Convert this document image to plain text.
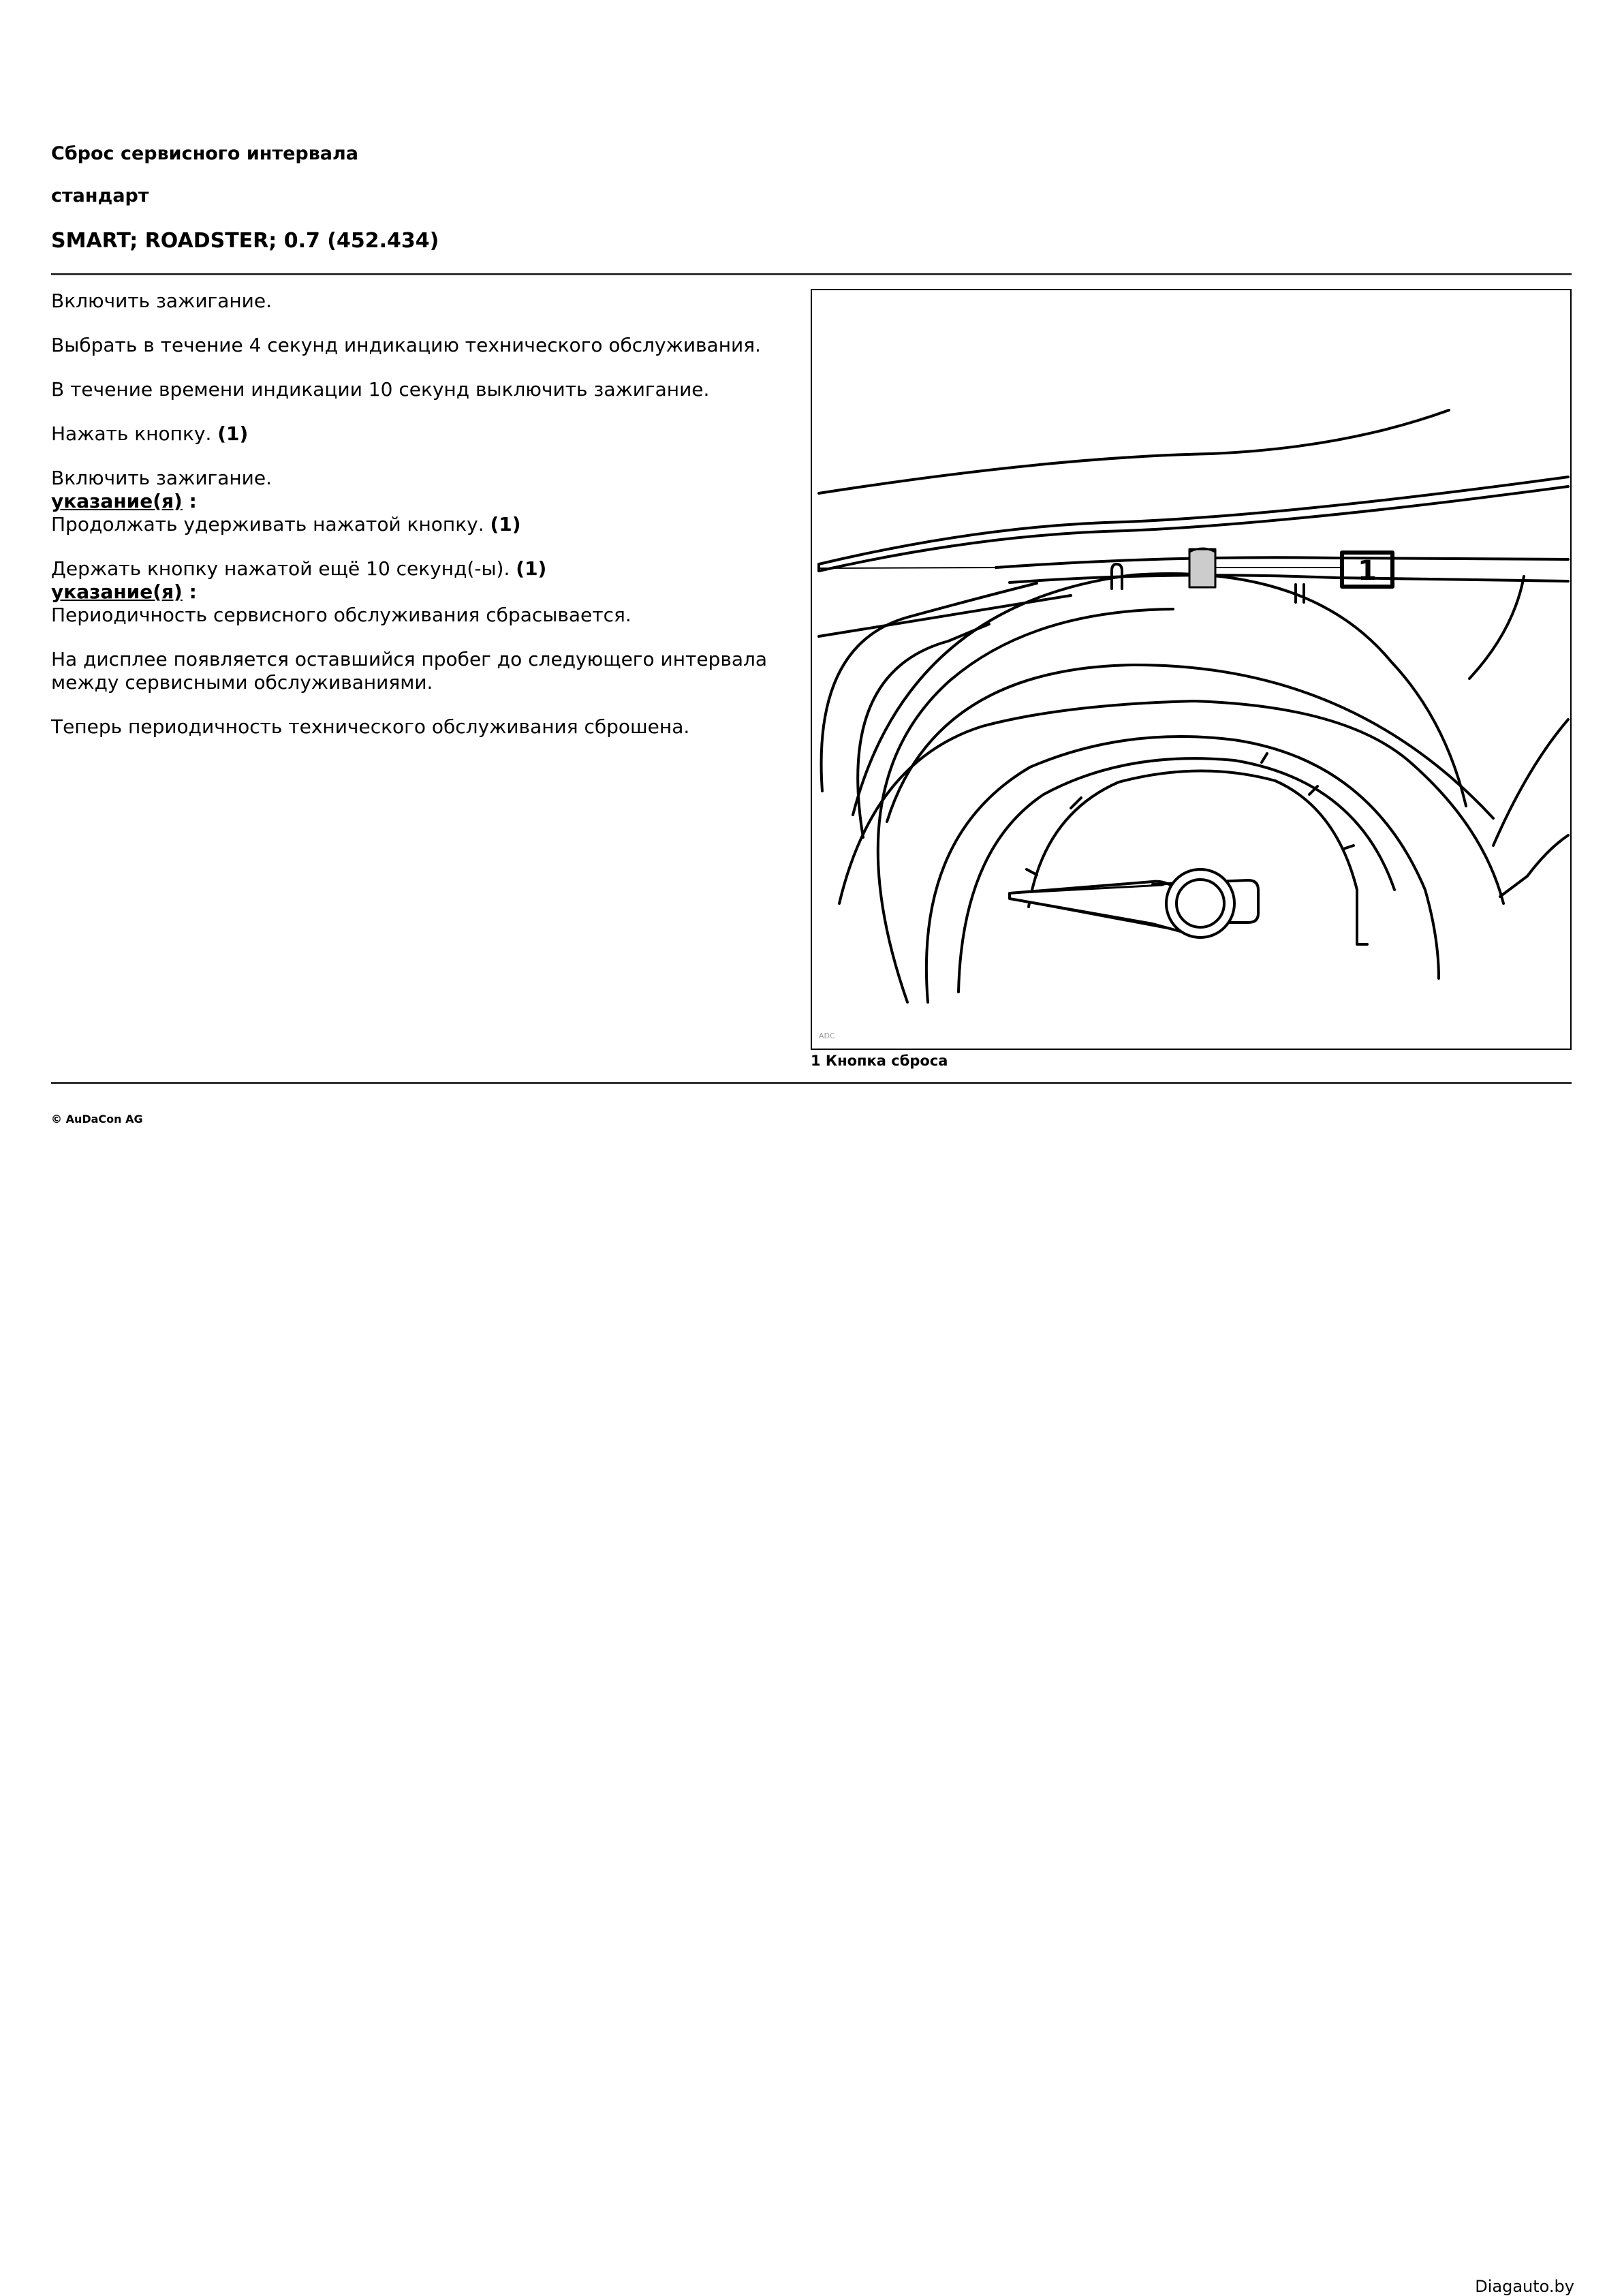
Сброс сервисного интервала
стандарт
SMART; ROADSTER; 0.7 (452.434)

Включить зажигание.

Выбрать в течение 4 секунд индикацию технического обслуживания.

В течение времени индикации 10 секунд выключить зажигание.

Нажать кнопку. (1)

Включить зажигание.

указание(я) :

Продолжать удерживать нажатой кнопку. (1)

Держать кнопку нажатой ещё 10 секунд(-ы). (1)

указание(я) :

Периодичность сервисного обслуживания сбрасывается.

На дисплее появляется оставшийся пробег до следующего интервала между сервисными обслуживаниями.

Теперь периодичность технического обслуживания сброшена.

1
ADC
1 Кнопка сброса
© AuDaCon AG
Diagauto.by
